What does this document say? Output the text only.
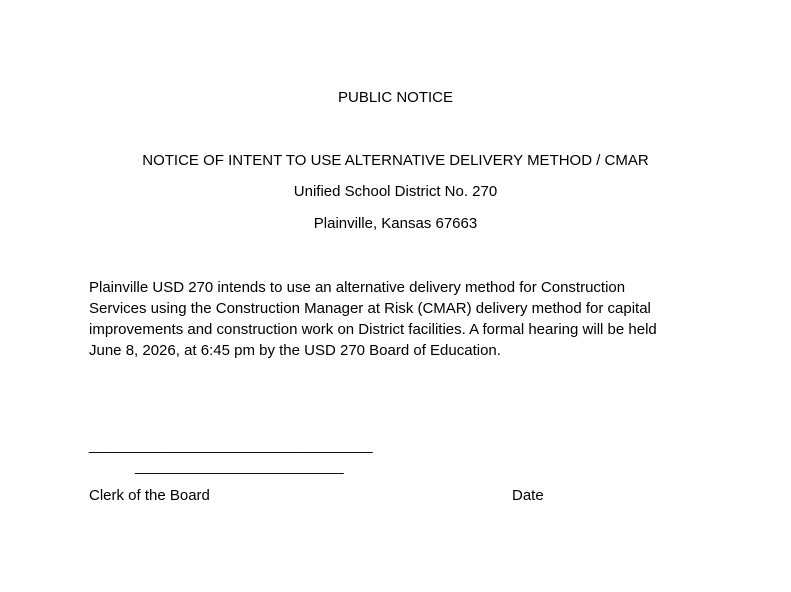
PUBLIC NOTICE
NOTICE OF INTENT TO USE ALTERNATIVE DELIVERY METHOD / CMAR
Unified School District No. 270
Plainville, Kansas 67663
Plainville USD 270 intends to use an alternative delivery method for Construction
Services using the Construction Manager at Risk (CMAR) delivery method for capital
improvements and construction work on District facilities. A formal hearing will be held
June 8, 2026, at 6:45 pm by the USD 270 Board of Education.
__________________________________
_________________________
Clerk of the Board	Date
